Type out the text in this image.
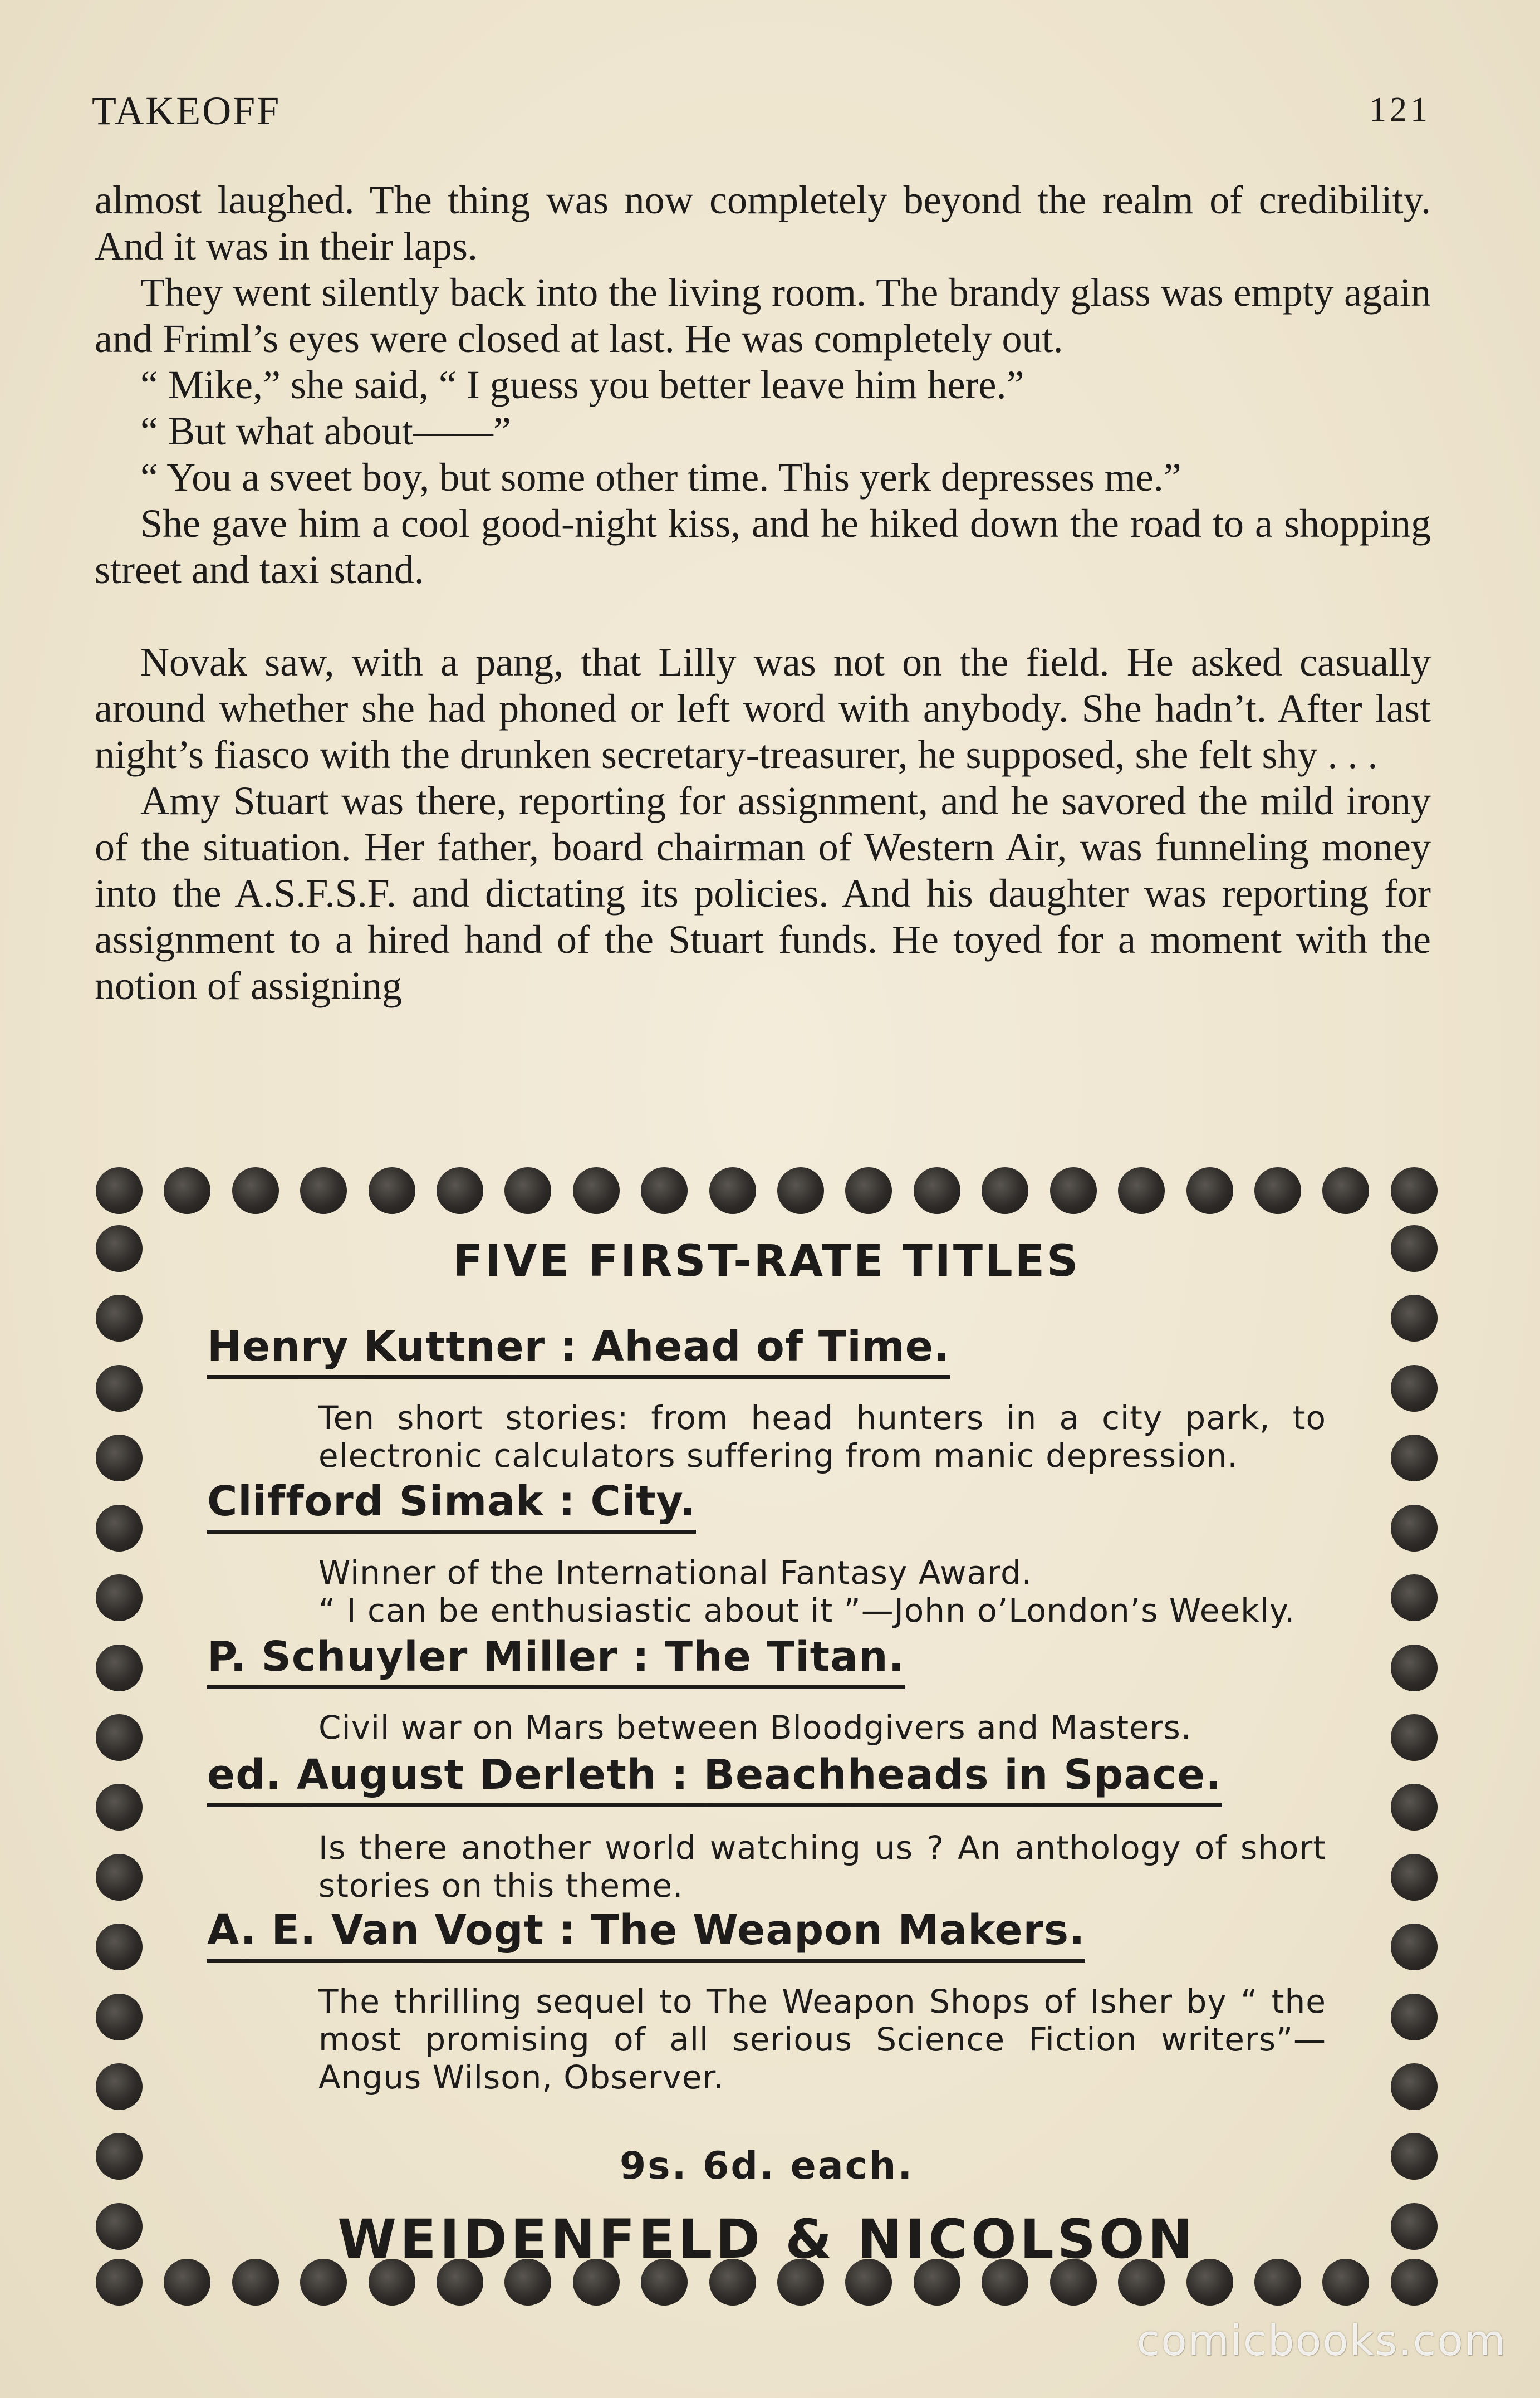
TAKEOFF	121

almost laughed. The thing was now completely beyond the realm of credibility. And it was in their laps.

They went silently back into the living room. The brandy glass was empty again and Friml’s eyes were closed at last. He was completely out.

“ Mike,” she said, “ I guess you better leave him here.”

“ But what about——”

“ You a sveet boy, but some other time. This yerk depresses me.”

She gave him a cool good-night kiss, and he hiked down the road to a shopping street and taxi stand.

Novak saw, with a pang, that Lilly was not on the field. He asked casually around whether she had phoned or left word with anybody. She hadn’t. After last night’s fiasco with the drunken secretary-treasurer, he supposed, she felt shy . . .

Amy Stuart was there, reporting for assignment, and he savored the mild irony of the situation. Her father, board chairman of Western Air, was funneling money into the A.S.F.S.F. and dictating its policies. And his daughter was reporting for assignment to a hired hand of the Stuart funds. He toyed for a moment with the notion of assigning

FIVE FIRST-RATE TITLES
Henry Kuttner : Ahead of Time.

Ten short stories: from head hunters in a city park, to electronic calculators suffering from manic depression.

Clifford Simak : City.

Winner of the International Fantasy Award.

“ I can be enthusiastic about it ”—John o’London’s Weekly.

P. Schuyler Miller : The Titan.

Civil war on Mars between Bloodgivers and Masters.

ed. August Derleth : Beachheads in Space.

Is there another world watching us ? An anthology of short stories on this theme.

A. E. Van Vogt : The Weapon Makers.

The thrilling sequel to The Weapon Shops of Isher by “ the most promising of all serious Science Fiction writers”—Angus Wilson, Observer.

9s. 6d. each.
WEIDENFELD & NICOLSON
comicbooks.com
